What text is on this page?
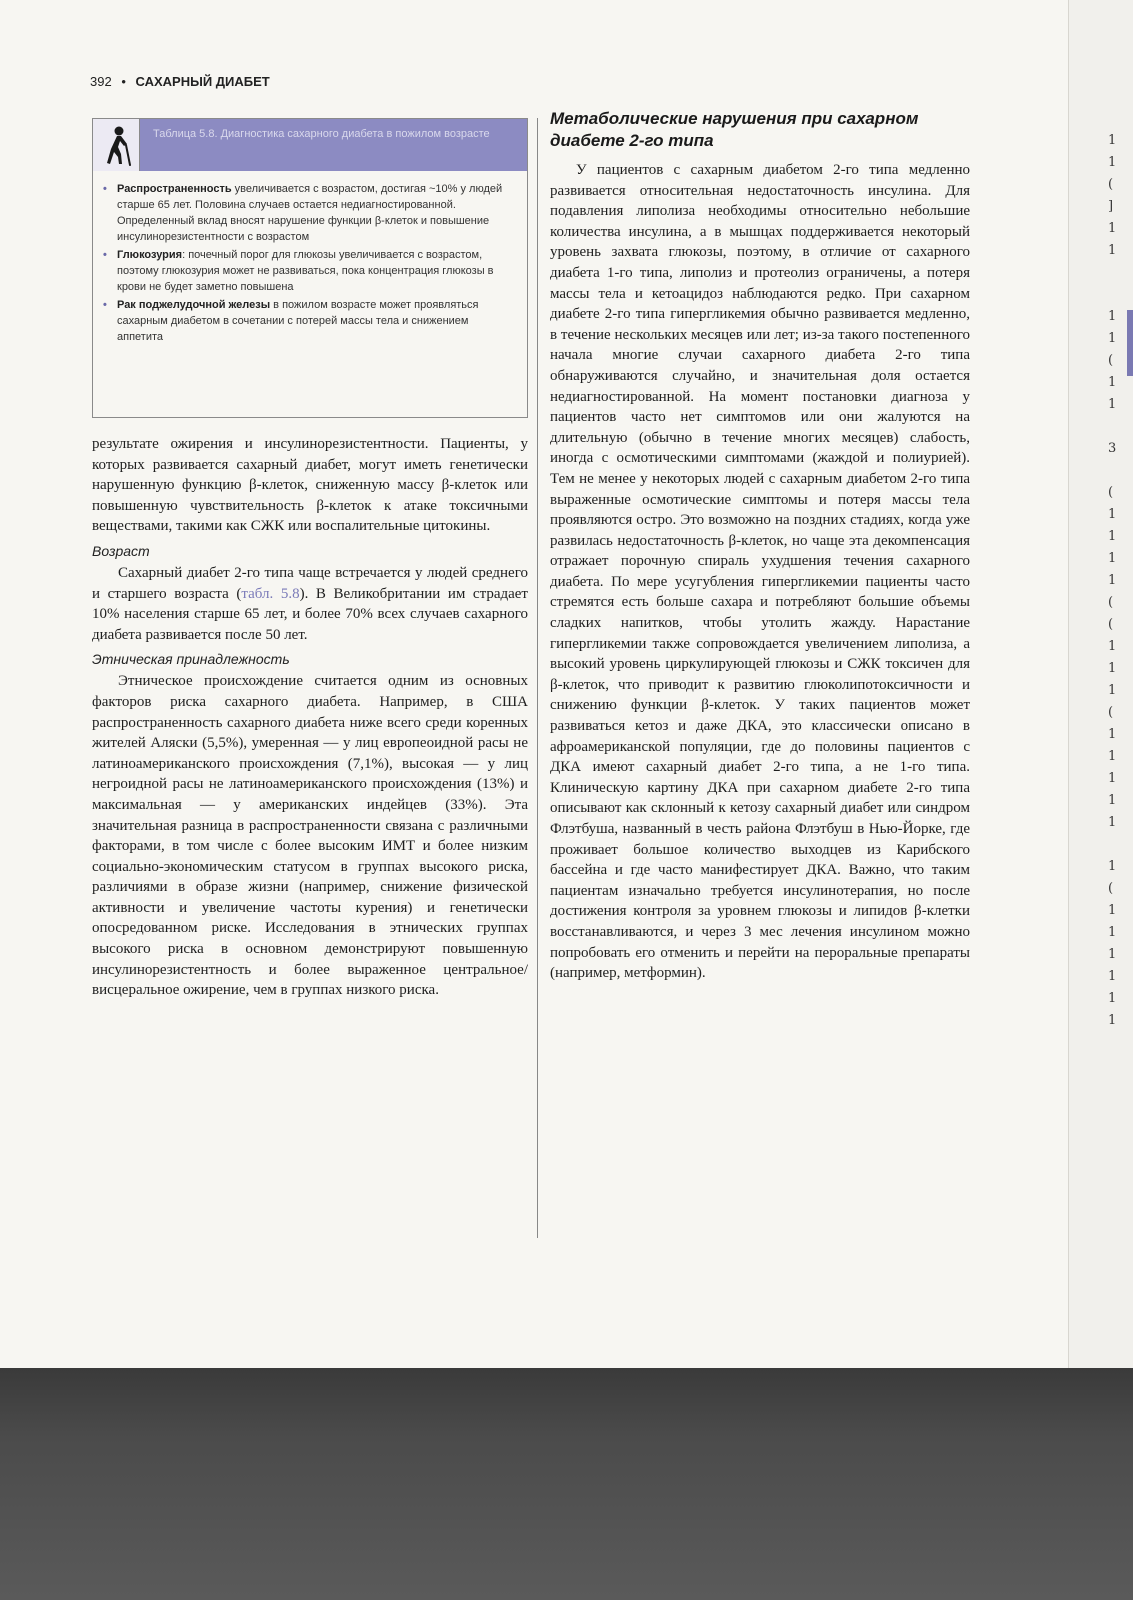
1
1
(
]
1
1

1
1
(
1
1

3

(
1
1
1
1
(
(
1
1
1
(
1
1
1
1
1

1
(
1
1
1
1
1
1
392 • САХАРНЫЙ ДИАБЕТ
Таблица 5.8. Диагностика сахарного диабета в пожилом возрасте
• Распространенность увеличивается с возрастом, достигая ~10% у людей старше 65 лет. Половина случаев остается недиагностированной. Определенный вклад вносят нарушение функции β-клеток и повышение инсулинорезистентности с возрастом
• Глюкозурия: почечный порог для глюкозы увеличивается с возрастом, поэтому глюкозурия может не развиваться, пока концентрация глюкозы в крови не будет заметно повышена
• Рак поджелудочной железы в пожилом возрасте может проявляться сахарным диабетом в сочетании с потерей массы тела и снижением аппетита

результате ожирения и инсулинорезистентности. Пациенты, у которых развивается сахарный диабет, могут иметь генетически нарушенную функцию β-клеток, сниженную массу β-клеток или повышенную чувствительность β-клеток к атаке токсичными веществами, такими как СЖК или воспалительные цитокины.

Возраст

Сахарный диабет 2-го типа чаще встречается у людей среднего и старшего возраста (табл. 5.8). В Великобритании им страдает 10% населения старше 65 лет, и более 70% всех случаев сахарного диабета развивается после 50 лет.

Этническая принадлежность

Этническое происхождение считается одним из основных факторов риска сахарного диабета. Например, в США распространенность сахарного диабета ниже всего среди коренных жителей Аляски (5,5%), умеренная — у лиц европеоидной расы не латиноамериканского происхождения (7,1%), высокая — у лиц негроидной расы не латиноамериканского происхождения (13%) и максимальная — у американских индейцев (33%). Эта значительная разница в распространенности связана с различными факторами, в том числе с более высоким ИМТ и более низким социально-экономическим статусом в группах высокого риска, различиями в образе жизни (например, снижение физической активности и увеличение частоты курения) и генетически опосредованном риске. Исследования в этнических группах высокого риска в основном демонстрируют повышенную инсулинорезистентность и более выраженное центральное/висцеральное ожирение, чем в группах низкого риска.

Метаболические нарушения при сахарном диабете 2-го типа

У пациентов с сахарным диабетом 2-го типа медленно развивается относительная недостаточность инсулина. Для подавления липолиза необходимы относительно небольшие количества инсулина, а в мышцах поддерживается некоторый уровень захвата глюкозы, поэтому, в отличие от сахарного диабета 1-го типа, липолиз и протеолиз ограничены, а потеря массы тела и кетоацидоз наблюдаются редко. При сахарном диабете 2-го типа гипергликемия обычно развивается медленно, в течение нескольких месяцев или лет; из-за такого постепенного начала многие случаи сахарного диабета 2-го типа обнаруживаются случайно, и значительная доля остается недиагностированной. На момент постановки диагноза у пациентов часто нет симптомов или они жалуются на длительную (обычно в течение многих месяцев) слабость, иногда с осмотическими симптомами (жаждой и полиурией). Тем не менее у некоторых людей с сахарным диабетом 2-го типа выраженные осмотические симптомы и потеря массы тела проявляются остро. Это возможно на поздних стадиях, когда уже развилась недостаточность β-клеток, но чаще эта декомпенсация отражает порочную спираль ухудшения течения сахарного диабета. По мере усугубления гипергликемии пациенты часто стремятся есть больше сахара и потребляют большие объемы сладких напитков, чтобы утолить жажду. Нарастание гипергликемии также сопровождается увеличением липолиза, а высокий уровень циркулирующей глюкозы и СЖК токсичен для β-клеток, что приводит к развитию глюколипотоксичности и снижению функции β-клеток. У таких пациентов может развиваться кетоз и даже ДКА, это классически описано в афроамериканской популяции, где до половины пациентов с ДКА имеют сахарный диабет 2-го типа, а не 1-го типа. Клиническую картину ДКА при сахарном диабете 2-го типа описывают как склонный к кетозу сахарный диабет или синдром Флэтбуша, названный в честь района Флэтбуш в Нью-Йорке, где проживает большое количество выходцев из Карибского бассейна и где часто манифестирует ДКА. Важно, что таким пациентам изначально требуется инсулинотерапия, но после достижения контроля за уровнем глюкозы и липидов β-клетки восстанавливаются, и через 3 мес лечения инсулином можно попробовать его отменить и перейти на пероральные препараты (например, метформин).
